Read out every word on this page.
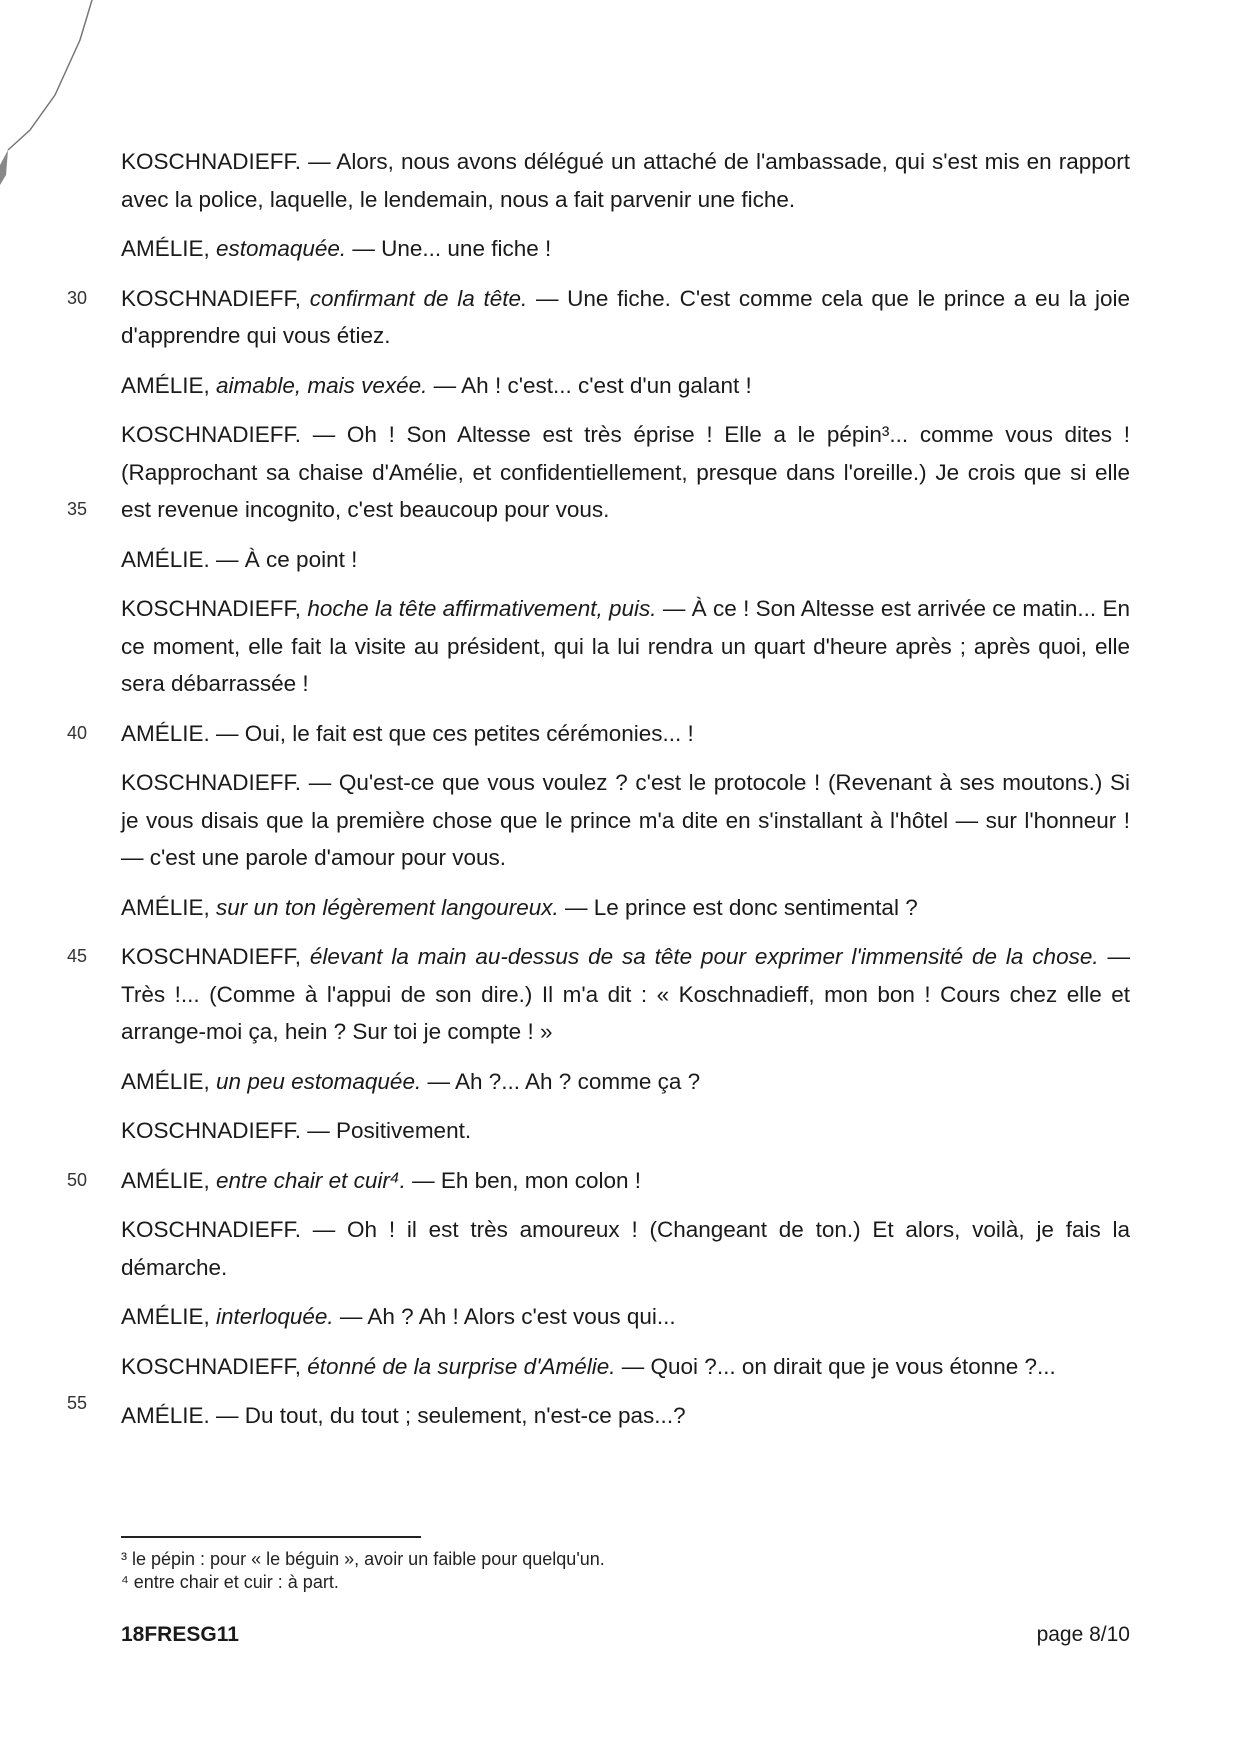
KOSCHNADIEFF. — Alors, nous avons délégué un attaché de l'ambassade, qui s'est mis en rapport avec la police, laquelle, le lendemain, nous a fait parvenir une fiche.

AMÉLIE, estomaquée. — Une... une fiche !

30 KOSCHNADIEFF, confirmant de la tête. — Une fiche. C'est comme cela que le prince a eu la joie d'apprendre qui vous étiez.

AMÉLIE, aimable, mais vexée. — Ah ! c'est... c'est d'un galant !

35
KOSCHNADIEFF. — Oh ! Son Altesse est très éprise ! Elle a le pépin³... comme vous dites ! (Rapprochant sa chaise d'Amélie, et confidentiellement, presque dans l'oreille.) Je crois que si elle est revenue incognito, c'est beaucoup pour vous.

AMÉLIE. — À ce point !

KOSCHNADIEFF, hoche la tête affirmativement, puis. — À ce ! Son Altesse est arrivée ce matin... En ce moment, elle fait la visite au président, qui la lui rendra un quart d'heure après ; après quoi, elle sera débarrassée !

40 AMÉLIE. — Oui, le fait est que ces petites cérémonies... !

KOSCHNADIEFF. — Qu'est-ce que vous voulez ? c'est le protocole ! (Revenant à ses moutons.) Si je vous disais que la première chose que le prince m'a dite en s'installant à l'hôtel — sur l'honneur ! — c'est une parole d'amour pour vous.

AMÉLIE, sur un ton légèrement langoureux. — Le prince est donc sentimental ?

45 KOSCHNADIEFF, élevant la main au-dessus de sa tête pour exprimer l'immensité de la chose. — Très !... (Comme à l'appui de son dire.) Il m'a dit : « Koschnadieff, mon bon ! Cours chez elle et arrange-moi ça, hein ? Sur toi je compte ! »

AMÉLIE, un peu estomaquée. — Ah ?... Ah ? comme ça ?

KOSCHNADIEFF. — Positivement.

50 AMÉLIE, entre chair et cuir⁴. — Eh ben, mon colon !

KOSCHNADIEFF. — Oh ! il est très amoureux ! (Changeant de ton.) Et alors, voilà, je fais la démarche.

AMÉLIE, interloquée. — Ah ? Ah ! Alors c'est vous qui...

55
KOSCHNADIEFF, étonné de la surprise d'Amélie. — Quoi ?... on dirait que je vous étonne ?...

AMÉLIE. — Du tout, du tout ; seulement, n'est-ce pas...?

³ le pépin : pour « le béguin », avoir un faible pour quelqu'un.
⁴ entre chair et cuir : à part.
18FRESG11	page 8/10
